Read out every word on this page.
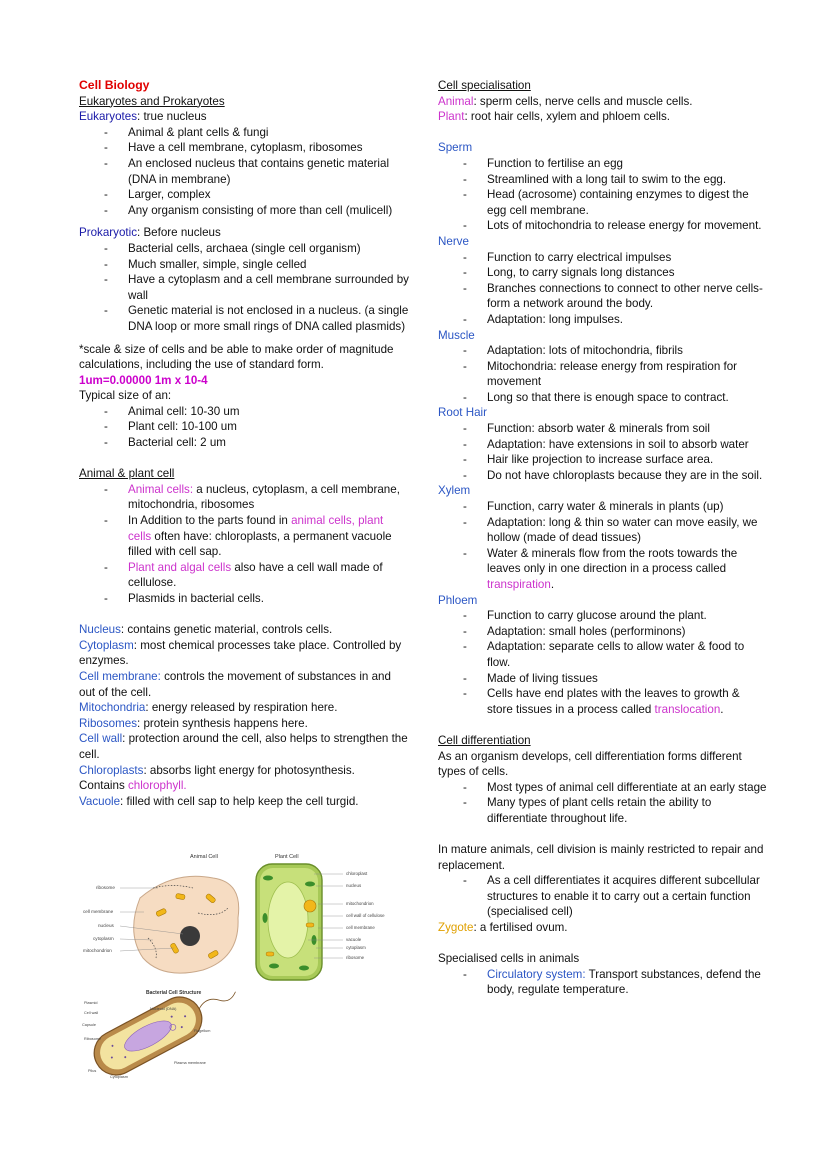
Cell Biology
Eukaryotes and Prokaryotes
Eukaryotes: true nucleus
- Animal & plant cells & fungi
- Have a cell membrane, cytoplasm, ribosomes
- An enclosed nucleus that contains genetic material (DNA in membrane)
- Larger, complex
- Any organism consisting of more than cell (mulicell)
Prokaryotic: Before nucleus
- Bacterial cells, archaea (single cell organism)
- Much smaller, simple, single celled
- Have a cytoplasm and a cell membrane surrounded by wall
- Genetic material is not enclosed in a nucleus. (a single DNA loop or more small rings of DNA called plasmids)
*scale & size of cells and be able to make order of magnitude calculations, including the use of standard form.
1um=0.00000 1m x 10-4
Typical size of an:
- Animal cell: 10-30 um
- Plant cell: 10-100 um
- Bacterial cell: 2 um
Animal & plant cell
- Animal cells: a nucleus, cytoplasm, a cell membrane, mitochondria, ribosomes
- In Addition to the parts found in animal cells, plant cells often have: chloroplasts, a permanent vacuole filled with cell sap.
- Plant and algal cells also have a cell wall made of cellulose.
- Plasmids in bacterial cells.
Nucleus: contains genetic material, controls cells.
Cytoplasm: most chemical processes take place. Controlled by enzymes.
Cell membrane: controls the movement of substances in and out of the cell.
Mitochondria: energy released by respiration here.
Ribosomes: protein synthesis happens here.
Cell wall: protection around the cell, also helps to strengthen the cell.
Chloroplasts: absorbs light energy for photosynthesis.
Contains chlorophyll.
Vacuole: filled with cell sap to help keep the cell turgid.
Animal Cell
ribosome
cell membrane
nucleus
cytoplasm
mitochondrion
Plant Cell
chloroplast
nucleus
mitochondrion
cell wall of cellulose
cell membrane
vacuole
cytoplasm
ribosome
Bacterial Cell Structure
Plasmid
Cell wall
Capsule
Ribosome
Pilus
Nucleoid (DNA)
Flagellum
Plasma membrane
Cytoplasm
Cell specialisation
Animal: sperm cells, nerve cells and muscle cells.
Plant: root hair cells, xylem and phloem cells.
Sperm
- Function to fertilise an egg
- Streamlined with a long tail to swim to the egg.
- Head (acrosome) containing enzymes to digest the egg cell membrane.
- Lots of mitochondria to release energy for movement.
Nerve
- Function to carry electrical impulses
- Long, to carry signals long distances
- Branches connections to connect to other nerve cells- form a network around the body.
- Adaptation: long impulses.
Muscle
- Adaptation: lots of mitochondria, fibrils
- Mitochondria: release energy from respiration for movement
- Long so that there is enough space to contract.
Root Hair
- Function: absorb water & minerals from soil
- Adaptation: have extensions in soil to absorb water
- Hair like projection to increase surface area.
- Do not have chloroplasts because they are in the soil.
Xylem
- Function, carry water & minerals in plants (up)
- Adaptation: long & thin so water can move easily, we hollow (made of dead tissues)
- Water & minerals flow from the roots towards the leaves only in one direction in a process called transpiration.
Phloem
- Function to carry glucose around the plant.
- Adaptation: small holes (performinons)
- Adaptation: separate cells to allow water & food to flow.
- Made of living tissues
- Cells have end plates with the leaves to growth & store tissues in a process called translocation.
Cell differentiation
As an organism develops, cell differentiation forms different types of cells.
- Most types of animal cell differentiate at an early stage
- Many types of plant cells retain the ability to differentiate throughout life.
In mature animals, cell division is mainly restricted to repair and replacement.
- As a cell differentiates it acquires different subcellular structures to enable it to carry out a certain function (specialised cell)
Zygote: a fertilised ovum.
Specialised cells in animals
- Circulatory system: Transport substances, defend the body, regulate temperature.
